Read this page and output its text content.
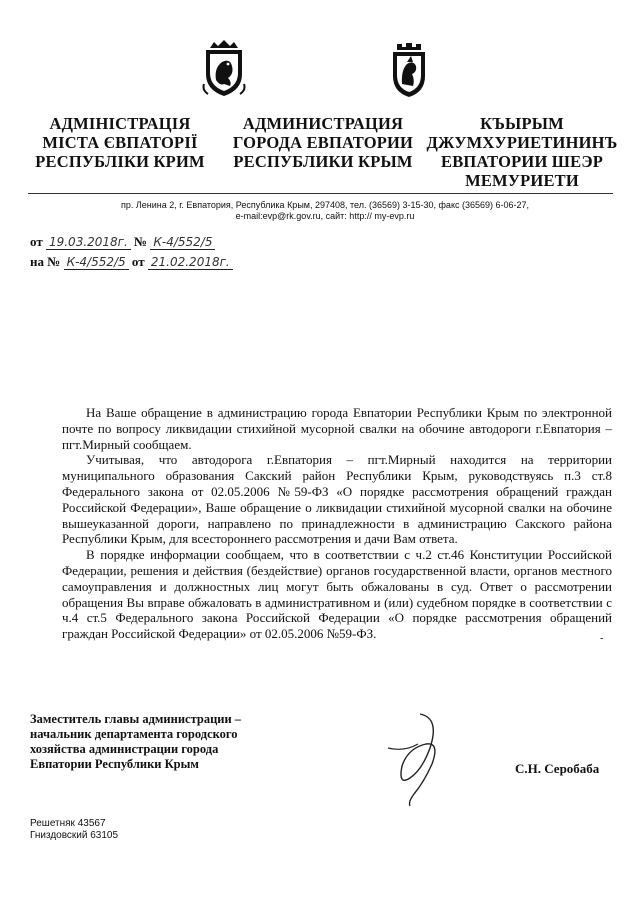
АДМІНІСТРАЦІЯ
МІСТА ЄВПАТОРІЇ
РЕСПУБЛІКИ КРИМ
АДМИНИСТРАЦИЯ
ГОРОДА ЕВПАТОРИИ
РЕСПУБЛИКИ КРЫМ
КЪЫРЫМ
ДЖУМХУРИЕТИНИНЪ
ЕВПАТОРИИ ШЕЭР
МЕМУРИЕТИ
пр. Ленина 2, г. Евпатория, Республика Крым, 297408, тел. (36569) 3-15-30, факс (36569) 6-06-27,
e-mail:evp@rk.gov.ru, сайт: http:// my-evp.ru
от 19.03.2018г. № К-4/552/5
на № К-4/552/5 от 21.02.2018г.

На Ваше обращение в администрацию города Евпатории Республики Крым по электронной почте по вопросу ликвидации стихийной мусорной свалки на обочине автодороги г.Евпатория – пгт.Мирный сообщаем.

Учитывая, что автодорога г.Евпатория – пгт.Мирный находится на территории муниципального образования Сакский район Республики Крым, руководствуясь п.3 ст.8 Федерального закона от 02.05.2006 №59-ФЗ «О порядке рассмотрения обращений граждан Российской Федерации», Ваше обращение о ликвидации стихийной мусорной свалки на обочине вышеуказанной дороги, направлено по принадлежности в администрацию Сакского района Республики Крым, для всестороннего рассмотрения и дачи Вам ответа.

В порядке информации сообщаем, что в соответствии с ч.2 ст.46 Конституции Российской Федерации, решения и действия (бездействие) органов государственной власти, органов местного самоуправления и должностных лиц могут быть обжалованы в суд. Ответ о рассмотрении обращения Вы вправе обжаловать в административном и (или) судебном порядке в соответствии с ч.4 ст.5 Федерального закона Российской Федерации «О порядке рассмотрения обращений граждан Российской Федерации» от 02.05.2006 №59-ФЗ.	-
Заместитель главы администрации –
начальник департамента городского
хозяйства администрации города
Евпатории Республики Крым	С.Н. Серобаба
Решетняк 43567
Гниздовский 63105
